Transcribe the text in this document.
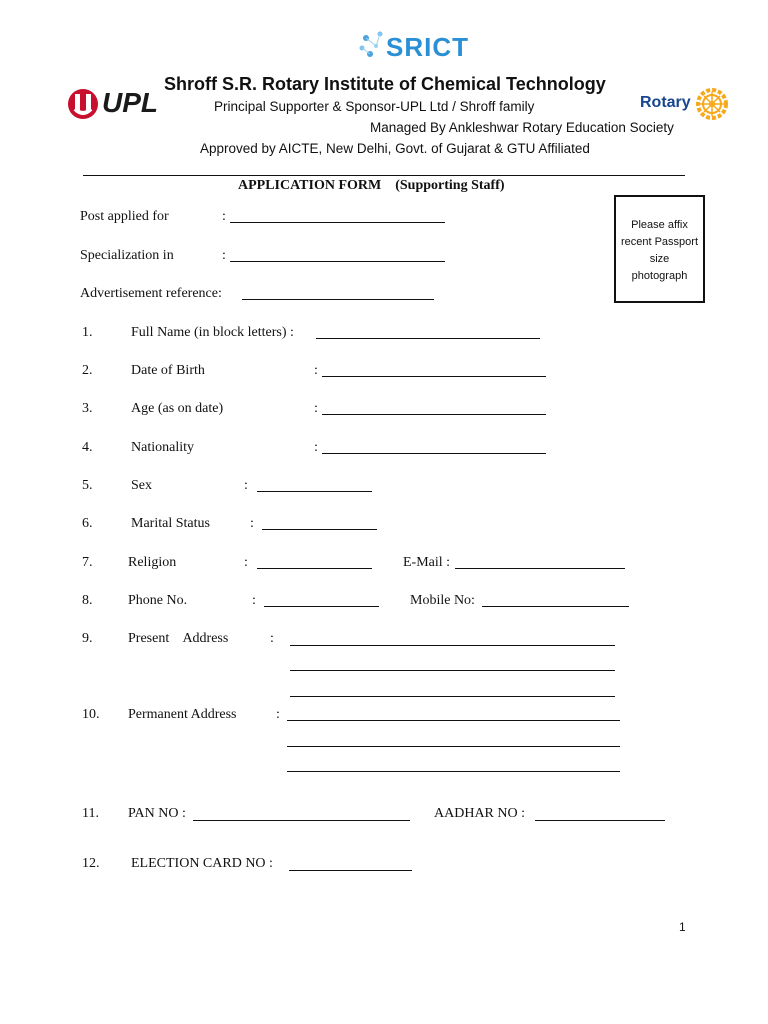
SRICT
UPL
Shroff S.R. Rotary Institute of Chemical Technology
Principal Supporter & Sponsor-UPL Ltd / Shroff family
Managed By Ankleshwar Rotary Education Society
Approved by AICTE, New Delhi, Govt. of Gujarat & GTU Affiliated
Rotary
APPLICATION FORM (Supporting Staff)
Please affix
recent Passport
size
photograph
Post applied for	:
Specialization in	:
Advertisement reference:
1.	Full Name (in block letters) :
2.	Date of Birth	:
3.	Age (as on date)	:
4.	Nationality	:
5.	Sex	:
6.	Marital Status	:
7.	Religion	:	E-Mail :
8.	Phone No.	:	Mobile No:
9.	Present    Address	:
10. Permanent Address	:
11. PAN NO :	AADHAR NO :
12. ELECTION CARD NO :
1
